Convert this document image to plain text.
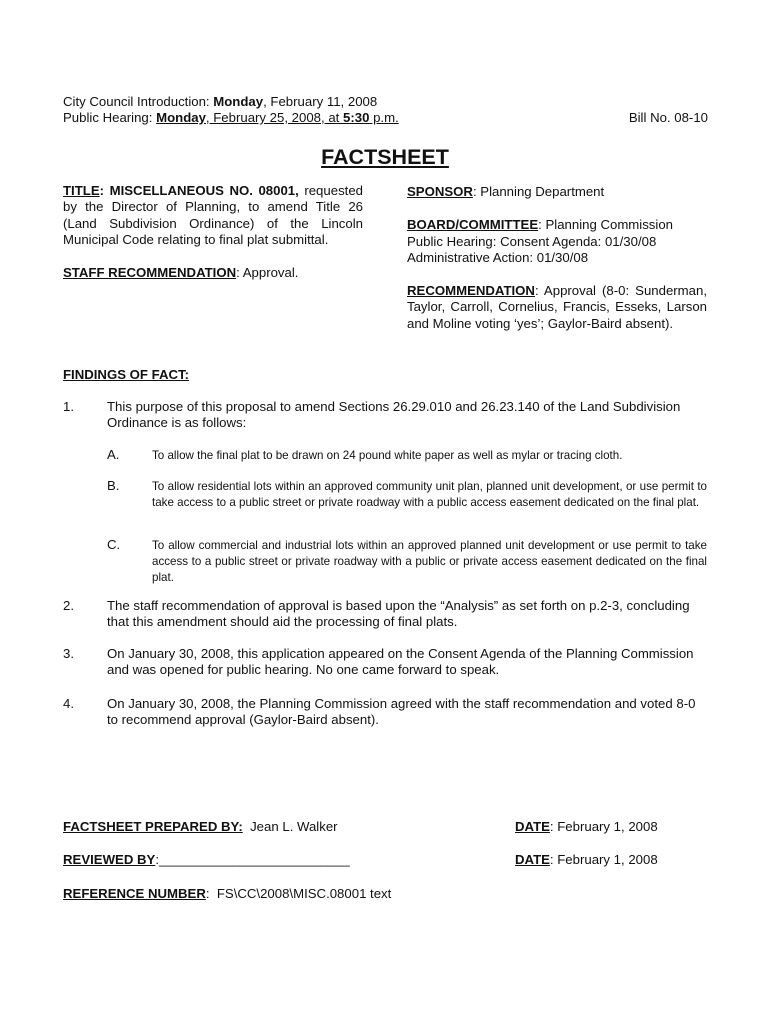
City Council Introduction: Monday, February 11, 2008
Public Hearing: Monday, February 25, 2008, at 5:30 p.m.	Bill No. 08-10
FACTSHEET
TITLE: MISCELLANEOUS NO. 08001, requested by the Director of Planning, to amend Title 26 (Land Subdivision Ordinance) of the Lincoln Municipal Code relating to final plat submittal.
STAFF RECOMMENDATION: Approval.
SPONSOR: Planning Department
BOARD/COMMITTEE: Planning Commission
Public Hearing: Consent Agenda: 01/30/08
Administrative Action: 01/30/08
RECOMMENDATION: Approval (8-0: Sunderman, Taylor, Carroll, Cornelius, Francis, Esseks, Larson and Moline voting ‘yes’; Gaylor-Baird absent).
FINDINGS OF FACT:
1.	This purpose of this proposal to amend Sections 26.29.010 and 26.23.140 of the Land Subdivision Ordinance is as follows:
A.	To allow the final plat to be drawn on 24 pound white paper as well as mylar or tracing cloth.
B.	To allow residential lots within an approved community unit plan, planned unit development, or use permit to take access to a public street or private roadway with a public access easement dedicated on the final plat.
C.	To allow commercial and industrial lots within an approved planned unit development or use permit to take access to a public street or private roadway with a public or private access easement dedicated on the final plat.
2.	The staff recommendation of approval is based upon the “Analysis” as set forth on p.2-3, concluding that this amendment should aid the processing of final plats.
3.	On January 30, 2008, this application appeared on the Consent Agenda of the Planning Commission and was opened for public hearing. No one came forward to speak.
4.	On January 30, 2008, the Planning Commission agreed with the staff recommendation and voted 8-0 to recommend approval (Gaylor-Baird absent).
FACTSHEET PREPARED BY:  Jean L. Walker	DATE: February 1, 2008
REVIEWED BY:__________________________	DATE: February 1, 2008
REFERENCE NUMBER:  FS\CC\2008\MISC.08001 text
